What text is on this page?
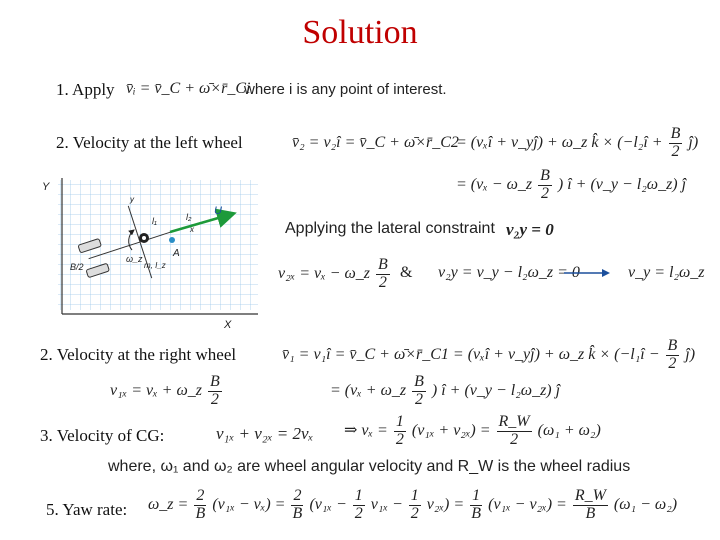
Solution
1. Apply v̄ᵢ = v̄_C + ω̄×r̄_Ci
where i is any point of interest.
2. Velocity at the left wheel	v̄₂ = v₂î = v̄_C + ω̄×r̄_C2
= (vₓî + v_yĵ) + ω_z k̂ × (−l₂î + $\frac{B}{2}$ ĵ)
= (vₓ − ω_z $\frac{B}{2}$ ) î + (v_y − l₂ω_z) ĵ
Y
X
U
A
l₁	l₂
B/2
ω_z
m, I_z
y
x	Applying the lateral constraint v₂y = 0
v₂ₓ = vₓ − ω_z $\frac{B}{2}$ & v₂y = v_y − l₂ω_z = 0	v_y = l₂ω_z
2. Velocity at the right wheel	v̄₁ = v₁î = v̄_C + ω̄×r̄_C1 = (vₓî + v_yĵ) + ω_z k̂ × (−l₁î − $\frac{B}{2}$ ĵ)
v₁ₓ = vₓ + ω_z $\frac{B}{2}$	= (vₓ + ω_z $\frac{B}{2}$ ) î + (v_y − l₂ω_z) ĵ
3. Velocity of CG:	v₁ₓ + v₂ₓ = 2vₓ ⇒ $v_x = \frac{1}{2} (v_{1x} + v_{2x}) = \frac{R\_W}{2} (\omega_1 + \omega_2)$
where, ω₁ and ω₂ are wheel angular velocity and R_W is the wheel radius
5. Yaw rate: ω_z = $\frac{2}{B} (v_{1x} - v_x) = \frac{2}{B} (v_{1x} - \frac{1}{2} v_{1x} - \frac{1}{2} v_{2x}) = \frac{1}{B} (v_{1x} - v_{2x}) = \frac{R\_W}{B} (\omega_1 - \omega_2)$
